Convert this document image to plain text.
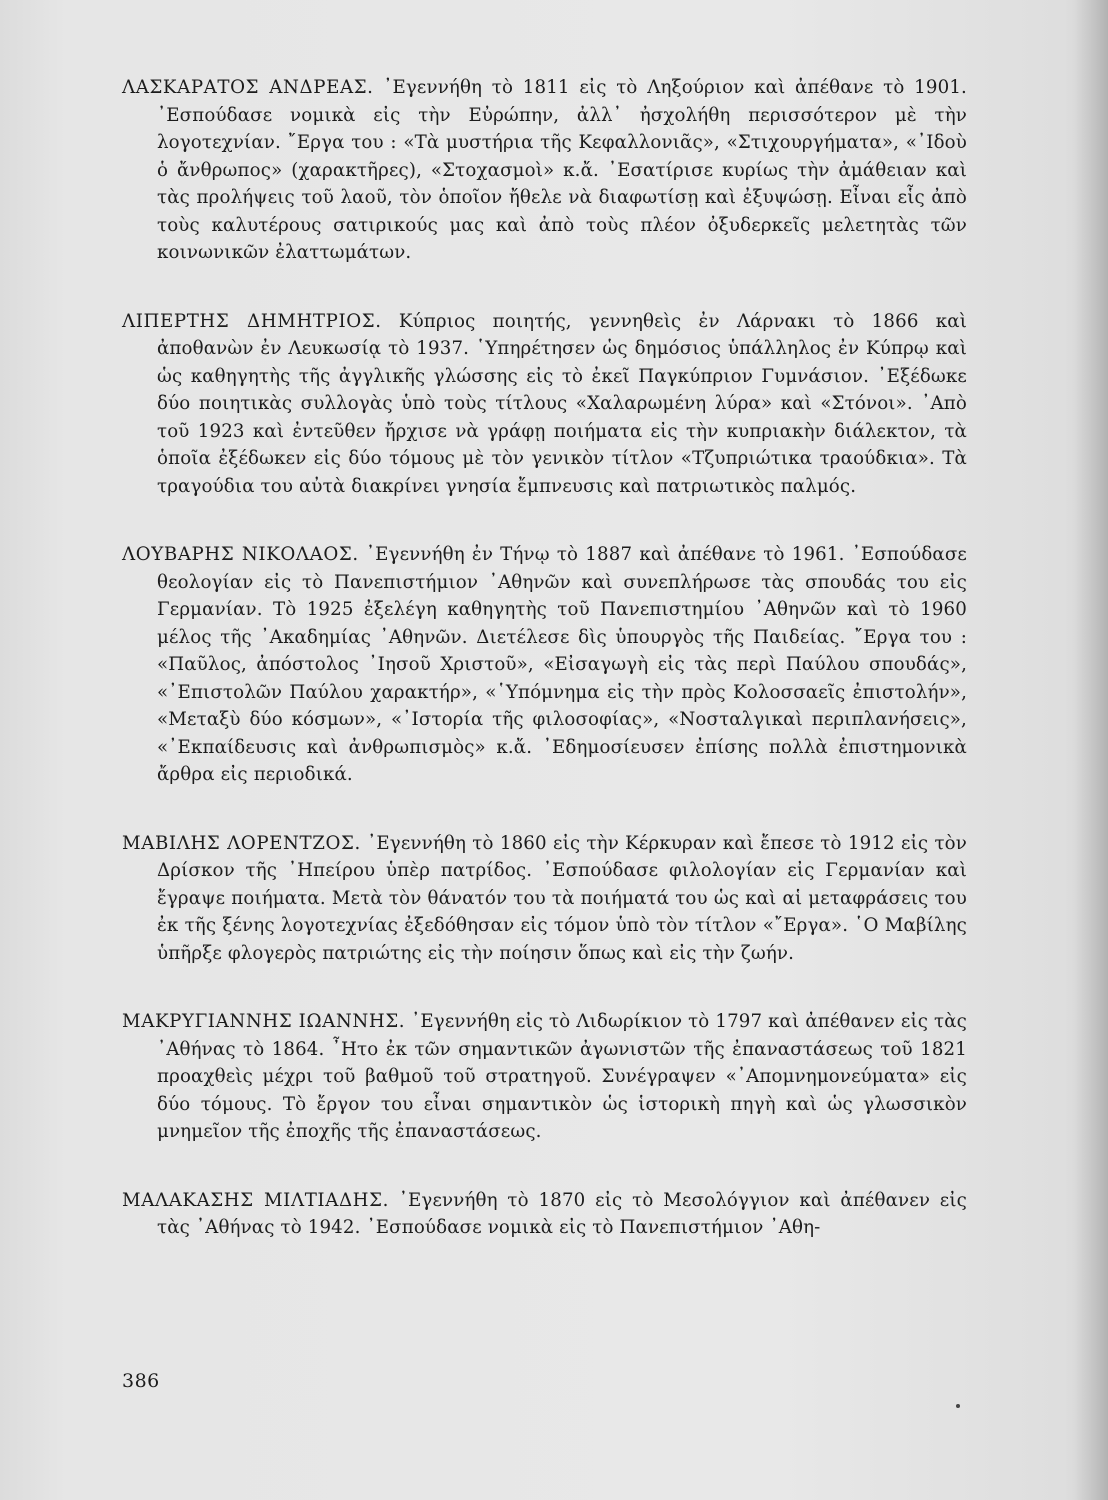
ΛΑΣΚΑΡΑΤΟΣ ΑΝΔΡΕΑΣ. ᾿Εγεννήθη τὸ 1811 εἰς τὸ Ληξούριον καὶ ἀπέθανε τὸ 1901. ᾿Εσπούδασε νομικὰ εἰς τὴν Εὐρώπην, ἀλλ᾽ ἠσχολήθη περισσότερον μὲ τὴν λογοτεχνίαν. ῎Εργα του : «Τὰ μυστήρια τῆς Κεφαλλονιᾶς», «Στιχουργήματα», «᾿Ιδοὺ ὁ ἄνθρωπος» (χαρακτῆρες), «Στοχασμοὶ» κ.ἄ. ᾿Εσατίρισε κυρίως τὴν ἀμάθειαν καὶ τὰς προλήψεις τοῦ λαοῦ, τὸν ὁποῖον ἤθελε νὰ διαφωτίσῃ καὶ ἐξυψώσῃ. Εἶναι εἷς ἀπὸ τοὺς καλυτέρους σατιρικούς μας καὶ ἀπὸ τοὺς πλέον ὀξυδερκεῖς μελετητὰς τῶν κοινωνικῶν ἐλαττωμάτων.

ΛΙΠΕΡΤΗΣ ΔΗΜΗΤΡΙΟΣ. Κύπριος ποιητής, γεννηθεὶς ἐν Λάρνακι τὸ 1866 καὶ ἀποθανὼν ἐν Λευκωσίᾳ τὸ 1937. ῾Υπηρέτησεν ὡς δημόσιος ὑπάλληλος ἐν Κύπρῳ καὶ ὡς καθηγητὴς τῆς ἀγγλικῆς γλώσσης εἰς τὸ ἐκεῖ Παγκύπριον Γυμνάσιον. ᾿Εξέδωκε δύο ποιητικὰς συλλογὰς ὑπὸ τοὺς τίτλους «Χαλαρωμένη λύρα» καὶ «Στόνοι». ᾿Απὸ τοῦ 1923 καὶ ἐντεῦθεν ἤρχισε νὰ γράφῃ ποιήματα εἰς τὴν κυπριακὴν διάλεκτον, τὰ ὁποῖα ἐξέδωκεν εἰς δύο τόμους μὲ τὸν γενικὸν τίτλον «Τζυπριώτικα τραούδκια». Τὰ τραγούδια του αὐτὰ διακρίνει γνησία ἔμπνευσις καὶ πατριωτικὸς παλμός.

ΛΟΥΒΑΡΗΣ ΝΙΚΟΛΑΟΣ. ᾿Εγεννήθη ἐν Τήνῳ τὸ 1887 καὶ ἀπέθανε τὸ 1961. ᾿Εσπούδασε θεολογίαν εἰς τὸ Πανεπιστήμιον ᾿Αθηνῶν καὶ συνεπλήρωσε τὰς σπουδάς του εἰς Γερμανίαν. Τὸ 1925 ἐξελέγη καθηγητὴς τοῦ Πανεπιστημίου ᾿Αθηνῶν καὶ τὸ 1960 μέλος τῆς ᾿Ακαδημίας ᾿Αθηνῶν. Διετέλεσε δὶς ὑπουργὸς τῆς Παιδείας. ῎Εργα του : «Παῦλος, ἀπόστολος ᾿Ιησοῦ Χριστοῦ», «Εἰσαγωγὴ εἰς τὰς περὶ Παύλου σπουδάς», «᾿Επιστολῶν Παύλου χαρακτήρ», «῾Υπόμνημα εἰς τὴν πρὸς Κολοσσαεῖς ἐπιστολήν», «Μεταξὺ δύο κόσμων», «᾿Ιστορία τῆς φιλοσοφίας», «Νοσταλγικαὶ περιπλανήσεις», «᾿Εκπαίδευσις καὶ ἀνθρωπισμὸς» κ.ἄ. ᾿Εδημοσίευσεν ἐπίσης πολλὰ ἐπιστημονικὰ ἄρθρα εἰς περιοδικά.

ΜΑΒΙΛΗΣ ΛΟΡΕΝΤΖΟΣ. ᾿Εγεννήθη τὸ 1860 εἰς τὴν Κέρκυραν καὶ ἔπεσε τὸ 1912 εἰς τὸν Δρίσκον τῆς ᾿Ηπείρου ὑπὲρ πατρίδος. ᾿Εσπούδασε φιλολογίαν εἰς Γερμανίαν καὶ ἔγραψε ποιήματα. Μετὰ τὸν θάνατόν του τὰ ποιήματά του ὡς καὶ αἱ μεταφράσεις του ἐκ τῆς ξένης λογοτεχνίας ἐξεδόθησαν εἰς τόμον ὑπὸ τὸν τίτλον «῎Εργα». ῾Ο Μαβίλης ὑπῆρξε φλογερὸς πατριώτης εἰς τὴν ποίησιν ὅπως καὶ εἰς τὴν ζωήν.

ΜΑΚΡΥΓΙΑΝΝΗΣ ΙΩΑΝΝΗΣ. ᾿Εγεννήθη εἰς τὸ Λιδωρίκιον τὸ 1797 καὶ ἀπέθανεν εἰς τὰς ᾿Αθήνας τὸ 1864. ῏Ητο ἐκ τῶν σημαντικῶν ἀγωνιστῶν τῆς ἐπαναστάσεως τοῦ 1821 προαχθεὶς μέχρι τοῦ βαθμοῦ τοῦ στρατηγοῦ. Συνέγραψεν «᾿Απομνημονεύματα» εἰς δύο τόμους. Τὸ ἔργον του εἶναι σημαντικὸν ὡς ἱστορικὴ πηγὴ καὶ ὡς γλωσσικὸν μνημεῖον τῆς ἐποχῆς τῆς ἐπαναστάσεως.

ΜΑΛΑΚΑΣΗΣ ΜΙΛΤΙΑΔΗΣ. ᾿Εγεννήθη τὸ 1870 εἰς τὸ Μεσολόγγιον καὶ ἀπέθανεν εἰς τὰς ᾿Αθήνας τὸ 1942. ᾿Εσπούδασε νομικὰ εἰς τὸ Πανεπιστήμιον ᾿Αθη-

386
